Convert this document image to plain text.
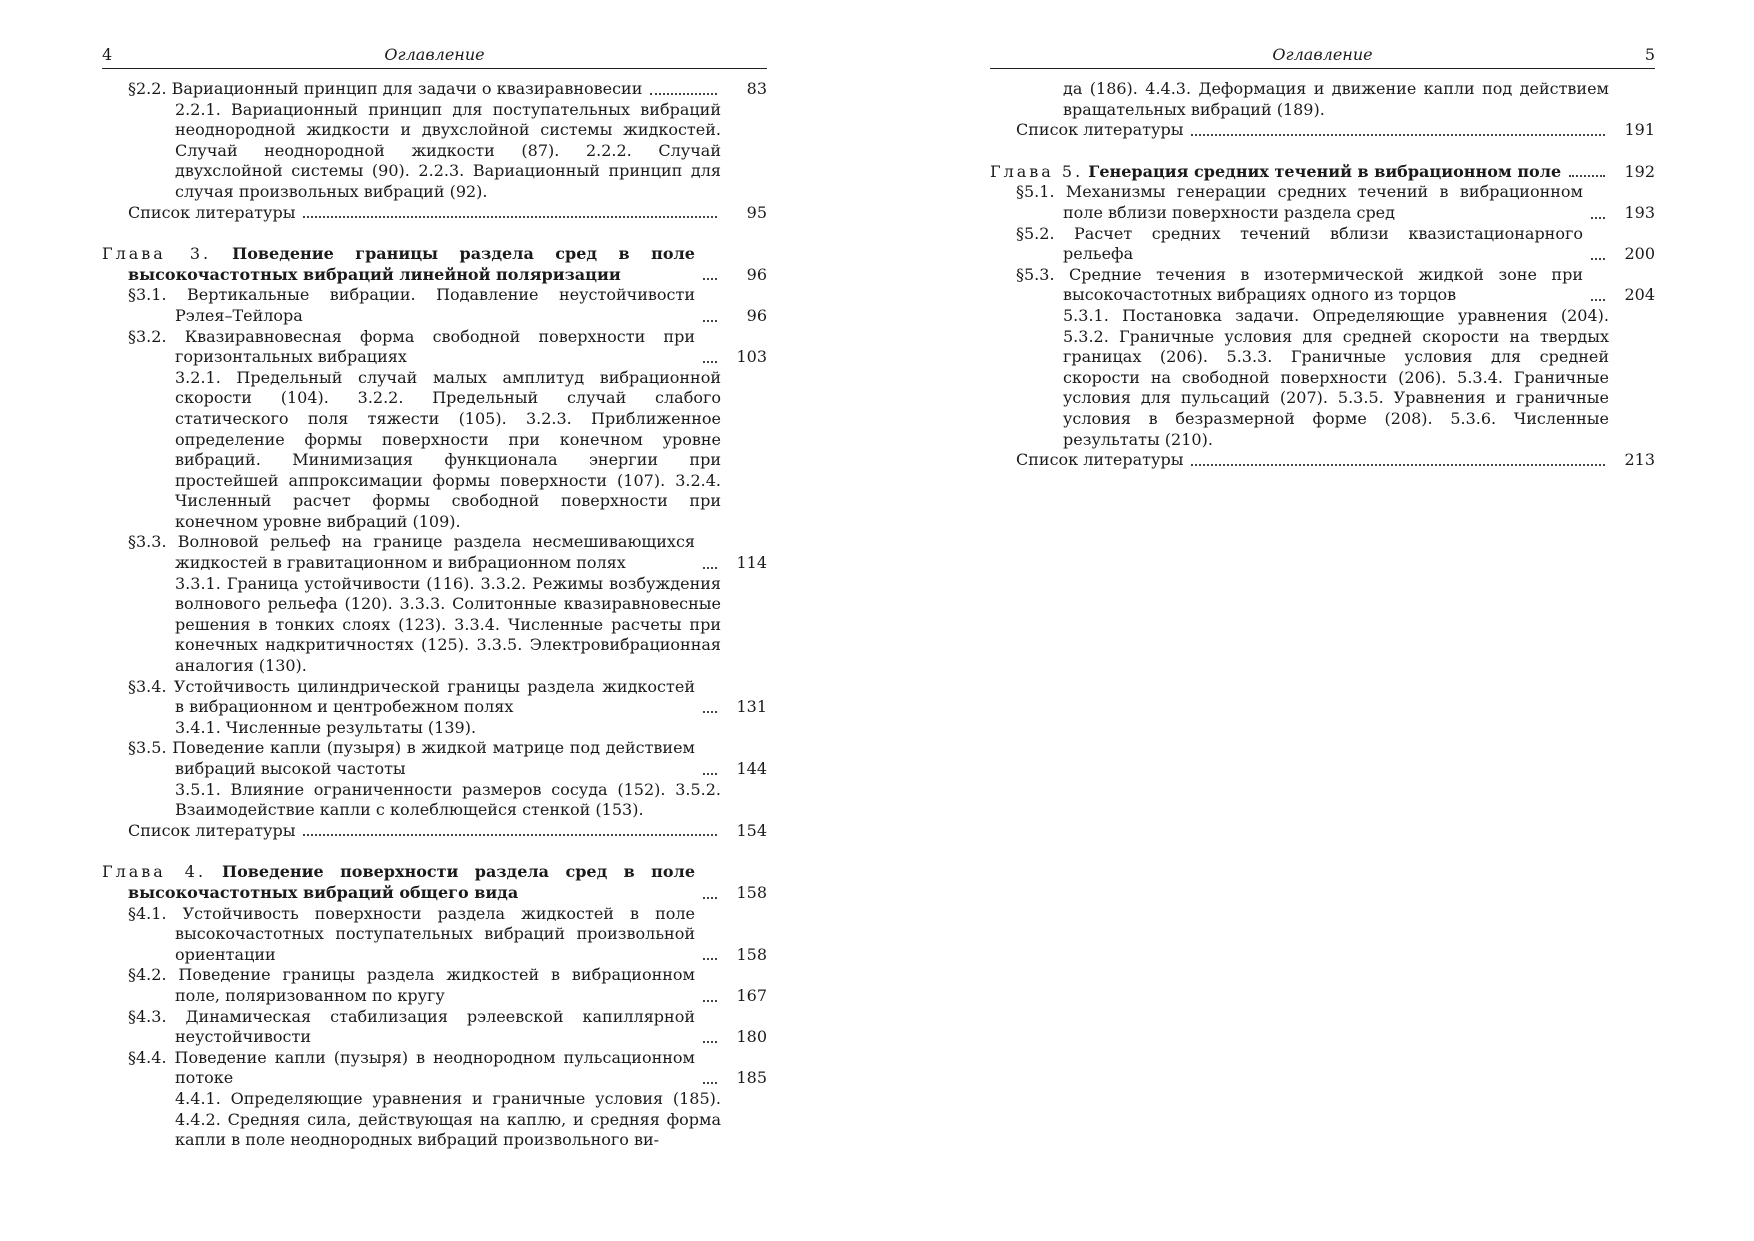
4	Оглавление
§2.2. Вариационный принцип для задачи о квазиравновесии	83
2.2.1. Вариационный принцип для поступательных вибраций неоднородной жидкости и двухслойной системы жидкостей. Случай неоднородной жидкости (87). 2.2.2. Случай двухслойной системы (90). 2.2.3. Вариационный принцип для случая произвольных вибраций (92).
Список литературы	95
Глава 3. Поведение границы раздела сред в поле высокочастотных вибраций линейной поляризации	96
§3.1. Вертикальные вибрации. Подавление неустойчивости Рэлея–Тейлора	96
§3.2. Квазиравновесная форма свободной поверхности при горизонтальных вибрациях	103
3.2.1. Предельный случай малых амплитуд вибрационной скорости (104). 3.2.2. Предельный случай слабого статического поля тяжести (105). 3.2.3. Приближенное определение формы поверхности при конечном уровне вибраций. Минимизация функционала энергии при простейшей аппроксимации формы поверхности (107). 3.2.4. Численный расчет формы свободной поверхности при конечном уровне вибраций (109).
§3.3. Волновой рельеф на границе раздела несмешивающихся жидкостей в гравитационном и вибрационном полях	114
3.3.1. Граница устойчивости (116). 3.3.2. Режимы возбуждения волнового рельефа (120). 3.3.3. Солитонные квазиравновесные решения в тонких слоях (123). 3.3.4. Численные расчеты при конечных надкритичностях (125). 3.3.5. Электровибрационная аналогия (130).
§3.4. Устойчивость цилиндрической границы раздела жидкостей в вибрационном и центробежном полях	131
3.4.1. Численные результаты (139).
§3.5. Поведение капли (пузыря) в жидкой матрице под действием вибраций высокой частоты	144
3.5.1. Влияние ограниченности размеров сосуда (152). 3.5.2. Взаимодействие капли с колеблющейся стенкой (153).
Список литературы	154
Глава 4. Поведение поверхности раздела сред в поле высокочастотных вибраций общего вида	158
§4.1. Устойчивость поверхности раздела жидкостей в поле высокочастотных поступательных вибраций произвольной ориентации	158
§4.2. Поведение границы раздела жидкостей в вибрационном поле, поляризованном по кругу	167
§4.3. Динамическая стабилизация рэлеевской капиллярной неустойчивости	180
§4.4. Поведение капли (пузыря) в неоднородном пульсационном потоке	185
4.4.1. Определяющие уравнения и граничные условия (185). 4.4.2. Средняя сила, действующая на каплю, и средняя форма капли в поле неоднородных вибраций произвольного ви-
Оглавление	5
да (186). 4.4.3. Деформация и движение капли под действием вращательных вибраций (189).
Список литературы	191
Глава 5. Генерация средних течений в вибрационном поле	192
§5.1. Механизмы генерации средних течений в вибрационном поле вблизи поверхности раздела сред	193
§5.2. Расчет средних течений вблизи квазистационарного рельефа	200
§5.3. Средние течения в изотермической жидкой зоне при высокочастотных вибрациях одного из торцов	204
5.3.1. Постановка задачи. Определяющие уравнения (204). 5.3.2. Граничные условия для средней скорости на твердых границах (206). 5.3.3. Граничные условия для средней скорости на свободной поверхности (206). 5.3.4. Граничные условия для пульсаций (207). 5.3.5. Уравнения и граничные условия в безразмерной форме (208). 5.3.6. Численные результаты (210).
Список литературы	213
